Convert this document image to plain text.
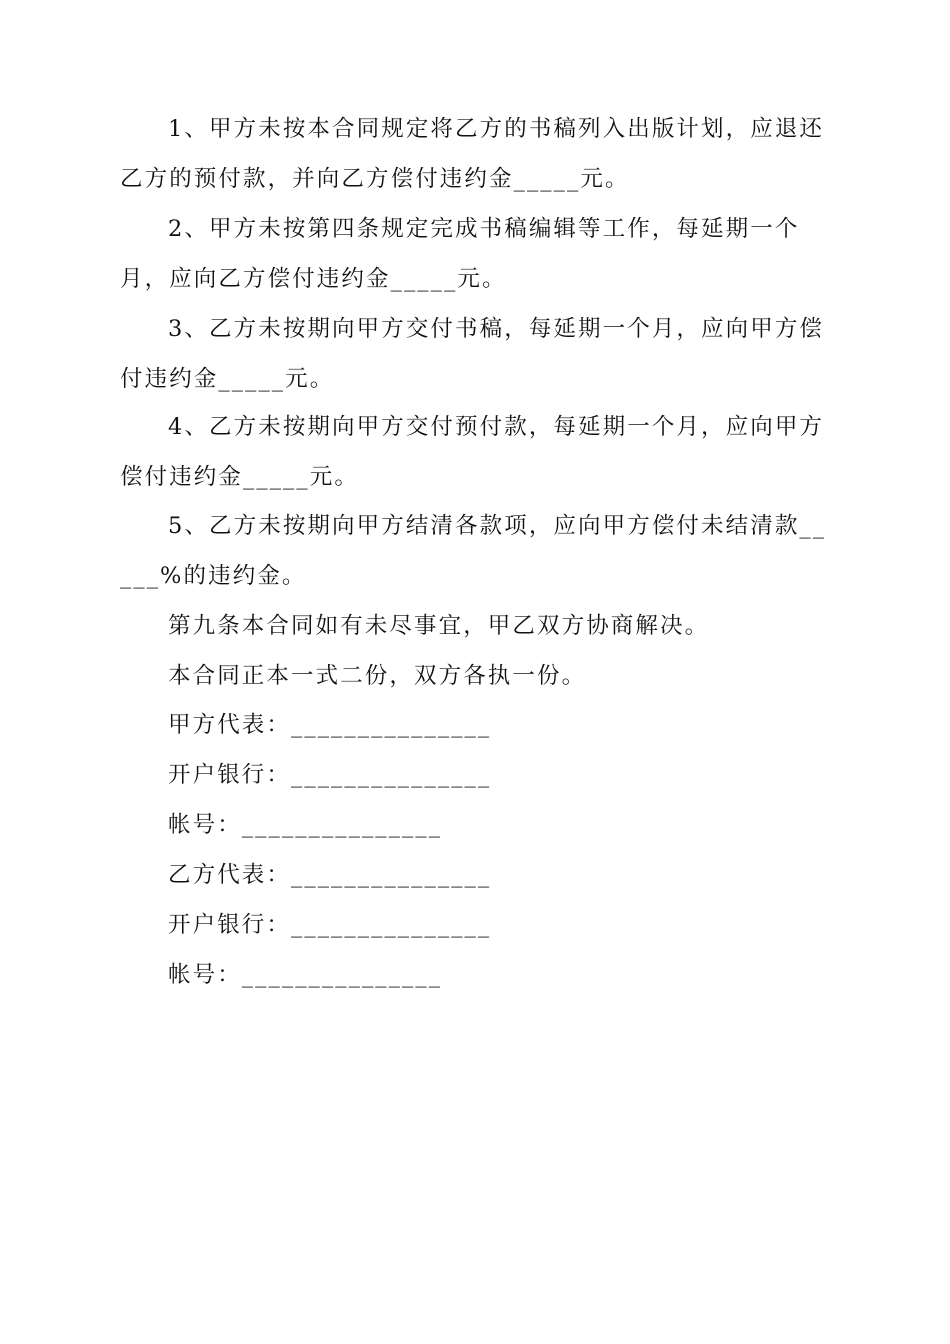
1、甲方未按本合同规定将乙方的书稿列入出版计划，应退还乙方的预付款，并向乙方偿付违约金_____元。

2、甲方未按第四条规定完成书稿编辑等工作，每延期一个月，应向乙方偿付违约金_____元。

3、乙方未按期向甲方交付书稿，每延期一个月，应向甲方偿付违约金_____元。

4、乙方未按期向甲方交付预付款，每延期一个月，应向甲方偿付违约金_____元。

5、乙方未按期向甲方结清各款项，应向甲方偿付未结清款_____%的违约金。

第九条本合同如有未尽事宜，甲乙双方协商解决。

本合同正本一式二份，双方各执一份。

甲方代表：_______________

开户银行：_______________

帐号：_______________

乙方代表：_______________

开户银行：_______________

帐号：_______________
